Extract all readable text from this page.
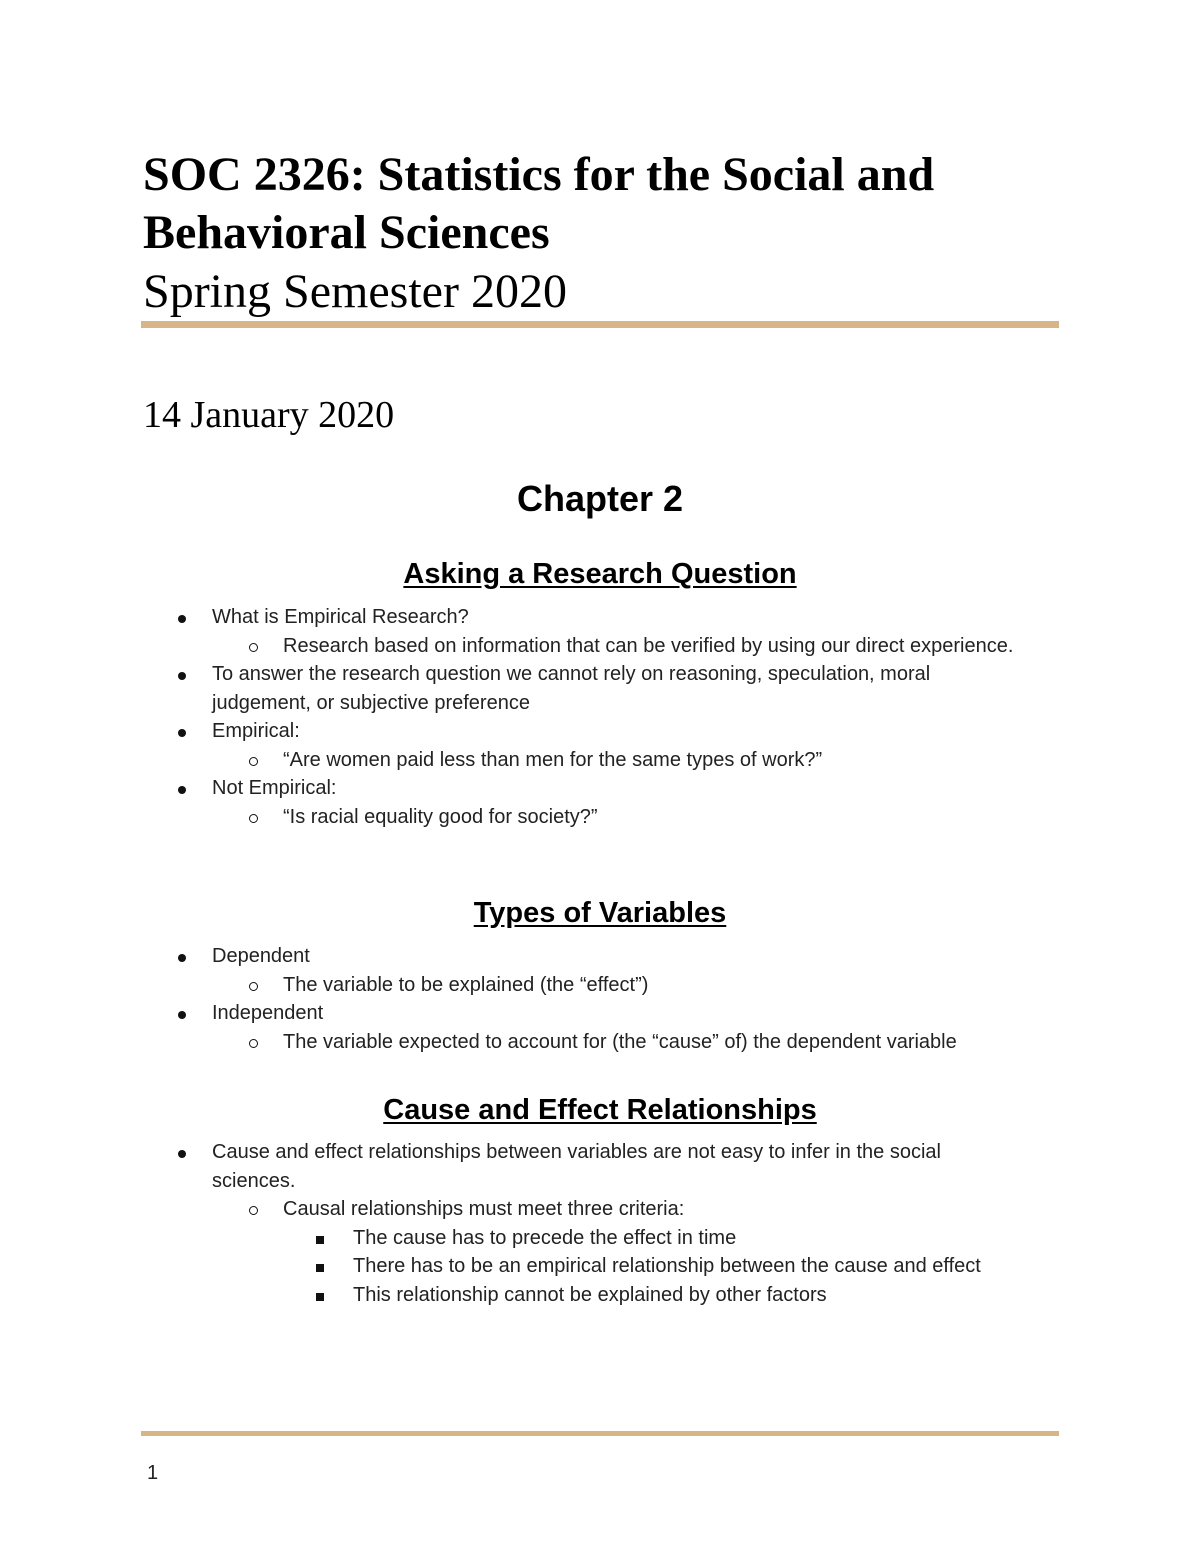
SOC 2326: Statistics for the Social and Behavioral Sciences
Spring Semester 2020
14 January 2020
Chapter 2
Asking a Research Question
What is Empirical Research?
Research based on information that can be verified by using our direct experience.
To answer the research question we cannot rely on reasoning, speculation, moral judgement, or subjective preference
Empirical:
“Are women paid less than men for the same types of work?”
Not Empirical:
“Is racial equality good for society?”
Types of Variables
Dependent
The variable to be explained (the “effect”)
Independent
The variable expected to account for (the “cause” of) the dependent variable
Cause and Effect Relationships
Cause and effect relationships between variables are not easy to infer in the social sciences.
Causal relationships must meet three criteria:
The cause has to precede the effect in time
There has to be an empirical relationship between the cause and effect
This relationship cannot be explained by other factors
1
